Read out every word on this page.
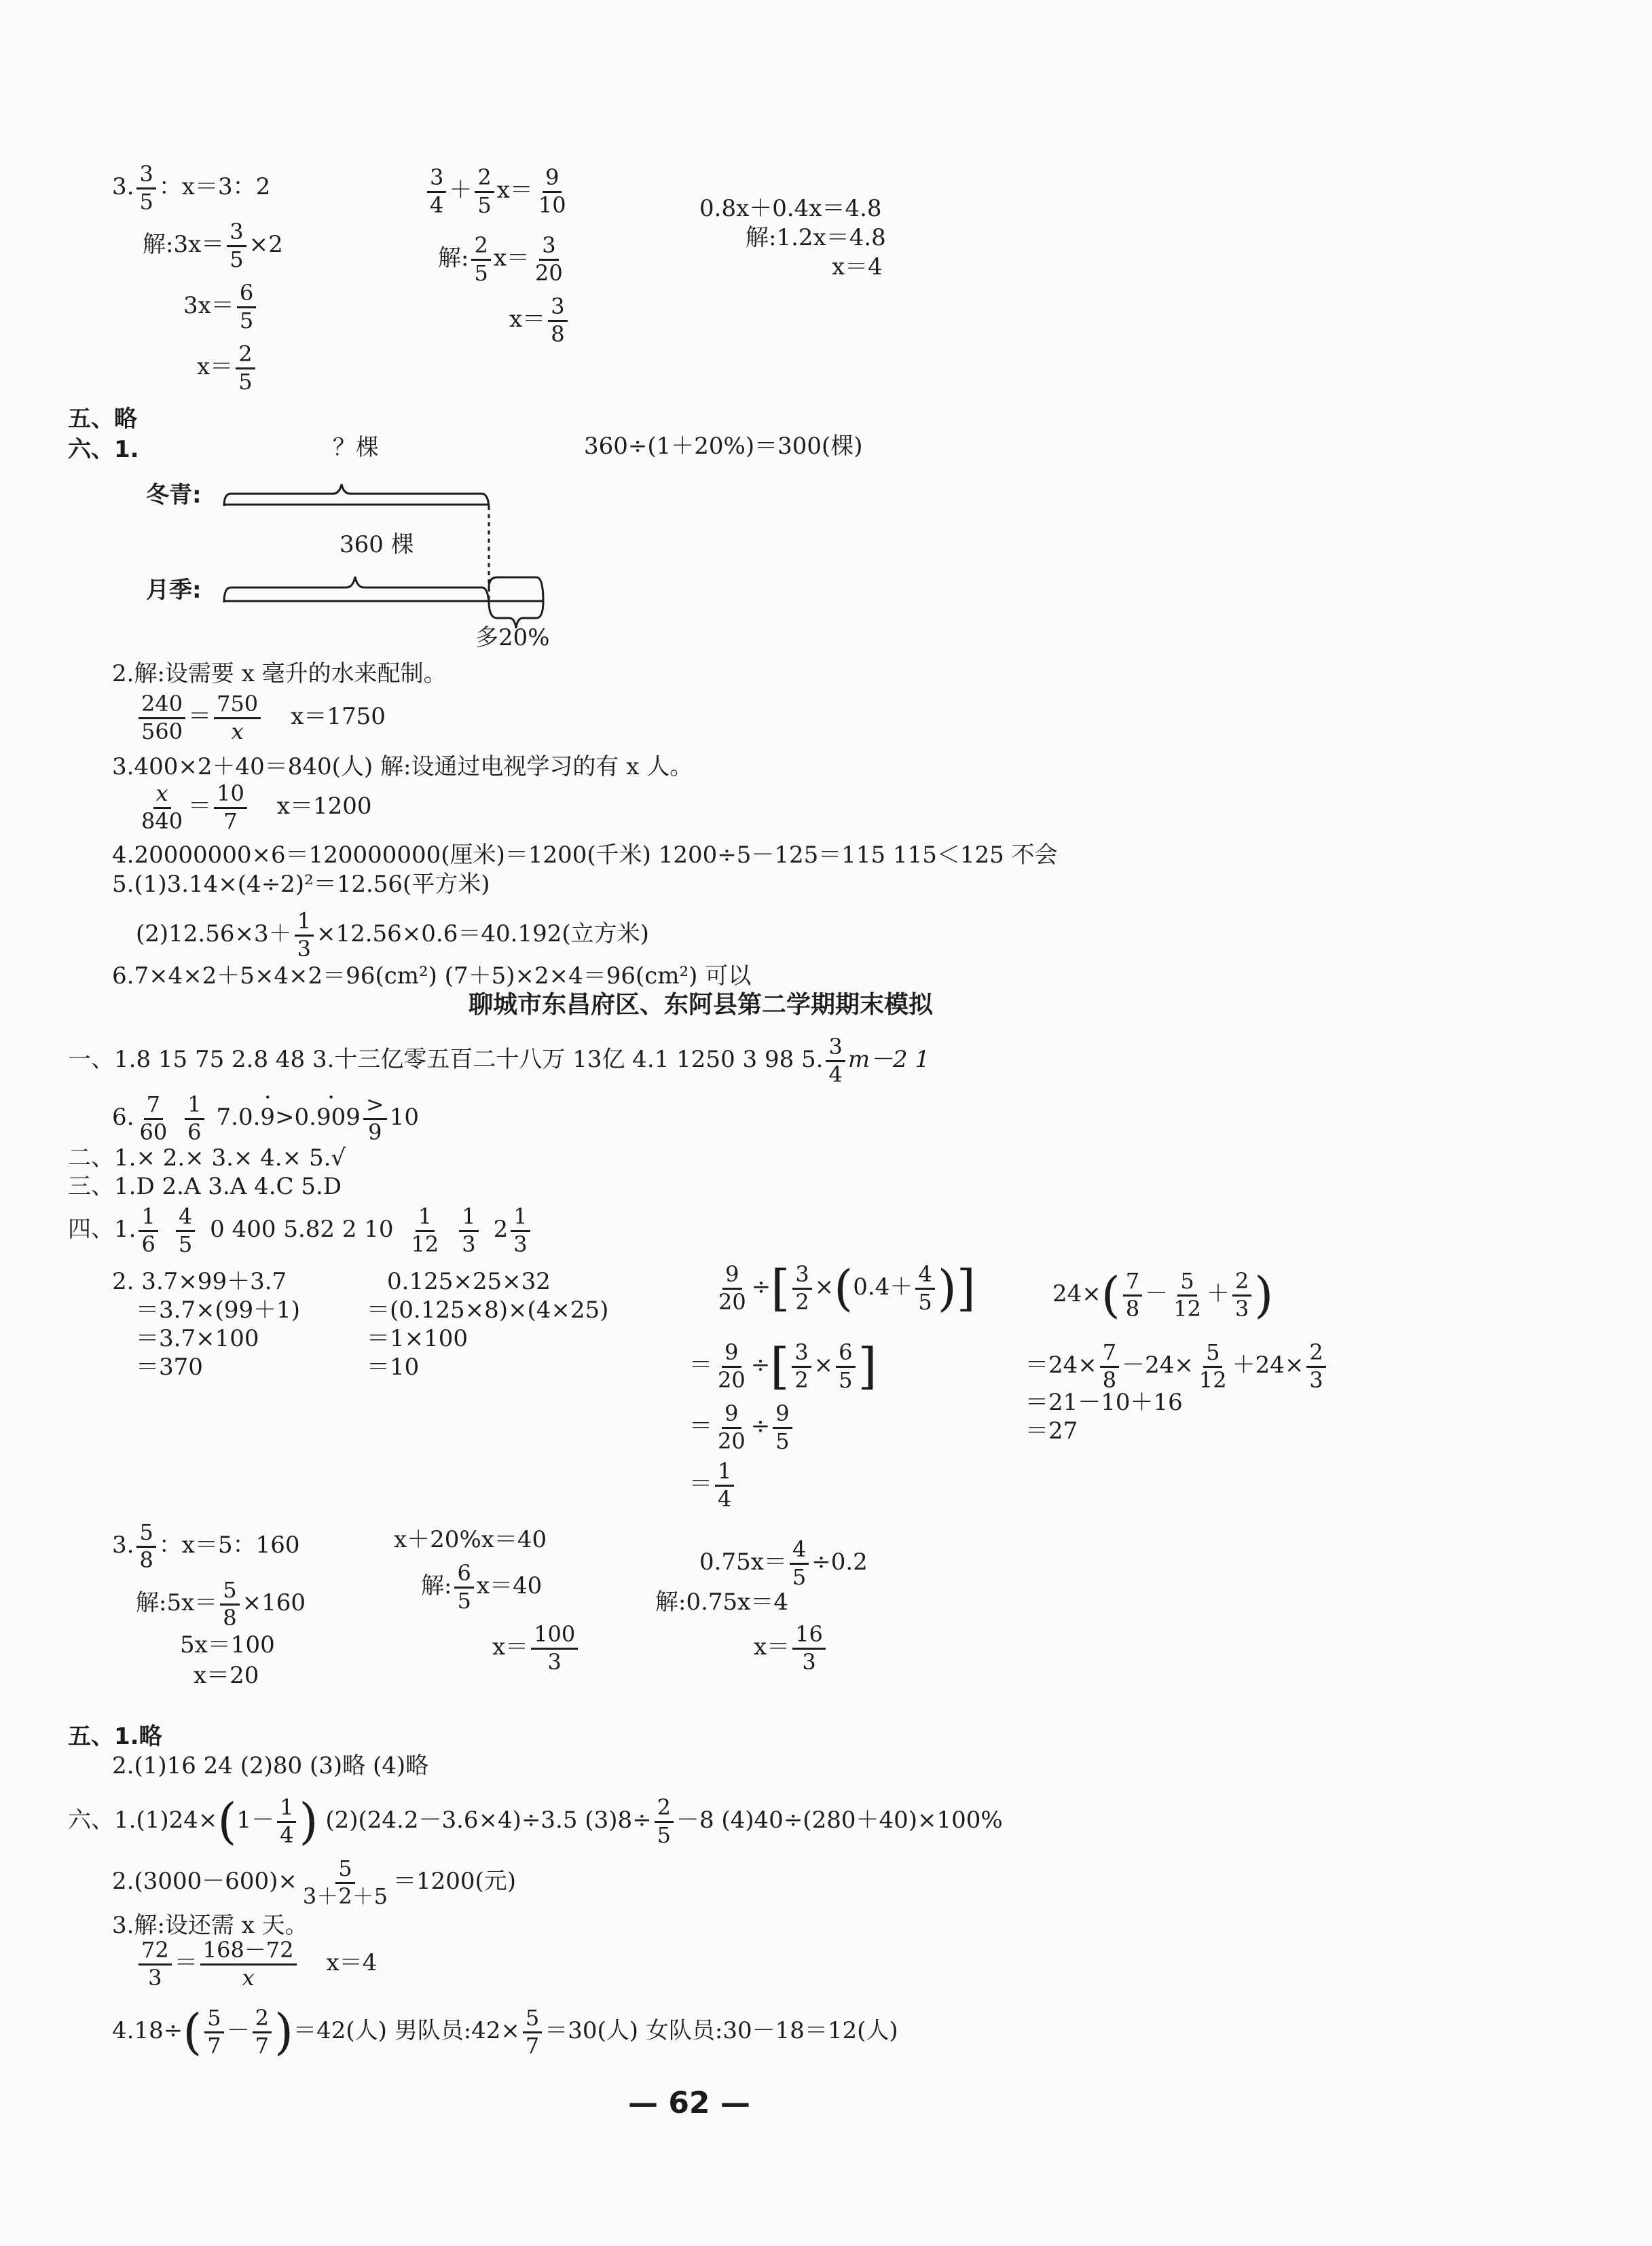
3. $\frac{3}{5}$ ：x＝3：2
解:3x＝ $\frac{3}{5} \times 2$
$3x= \frac{6}{5}$
$x= \frac{2}{5}$
$\frac{3}{4} + \frac{2}{5} x= \frac{9}{10}$
解: $\frac{2}{5} x= \frac{3}{20}$
$x= \frac{3}{8}$
0.8x＋0.4x＝4.8
解:1.2x＝4.8
x＝4
五、略
六、1.	？棵
冬青:
360 棵
月季:
多20%
360÷(1＋20%)＝300(棵)
2.解:设需要 x 毫升的水来配制。
$\frac{240}{560} = \frac{750}{x} x=1750$
3.400×2＋40＝840(人) 解:设通过电视学习的有 x 人。
$\frac{x}{840} = \frac{10}{7} x=1200$
4.20000000×6＝120000000(厘米)＝1200(千米) 1200÷5－125＝115 115＜125 不会
5.(1)3.14×(4÷2)²＝12.56(平方米)
$(2)12.56\times 3+ \frac{1}{3} \times 12.56\times 0.6=40.192$(立方米)
6.7×4×2＋5×4×2＝96(cm²) (7＋5)×2×4＝96(cm²) 可以
聊城市东昌府区、东阿县第二学期期末模拟
一、1.8 15 75 2.8 48 3.十三亿零五百二十八万 13亿 4.1 1250 3 98 5. $\frac{3}{4} m-2$ 1
6. $\frac{7}{60} \frac{1}{6} 7.0.\cdot 9>0.\cdot 909$ >
9
10
二、1.× 2.× 3.× 4.× 5.√
三、1.D 2.A 3.A 4.C 5.D
四、1. $\frac{1}{6} \frac{4}{5} 0$ 400 5.82 2 $10 \frac{1}{12} \frac{1}{3} 2 \frac{1}{3}$
2. 3.7×99＋3.7
＝3.7×(99＋1)
＝3.7×100
＝370
0.125×25×32
＝(0.125×8)×(4×25)
＝1×100
＝10
$\frac{9}{20}$ ÷[ $\frac{3}{2} \times(0.4+ \frac{4}{5}$ )]
＝ $\frac{9}{20}$ ÷[ $\frac{3}{2} \times \frac{6}{5}$ ]
＝ $\frac{9}{20} \div \frac{9}{5}$
＝ $\frac{1}{4}$
$24\times( \frac{7}{8} - \frac{5}{12} + \frac{2}{3}$ )
$=24\times \frac{7}{8} -24\times \frac{5}{12} +24\times \frac{2}{3}$
＝21－10＋16
＝27
3. $\frac{5}{8}$ ：x＝5：160
解:5x＝ $\frac{5}{8} \times 160$
5x＝100
x＝20
x＋20%x＝40
解: $\frac{6}{5} x=40$
$x= \frac{100}{3}$
$0.75x= \frac{4}{5} \div 0.2$
解:0.75x＝4
$x= \frac{16}{3}$
五、1.略
2.(1)16 24 (2)80 (3)略 (4)略
六、$1.(1)24\times(1- \frac{1}{4}$ ) (2)(24.2－3.6×4)÷3.5 $(3)8\div \frac{2}{5} -8$ (4)40÷(280＋40)×100%
$2.(3000-600)\times \frac{5}{3+2+5} =1200$(元)
3.解:设还需 x 天。
$\frac{72}{3} = \frac{168-72}{x} x=4$
$4.18\div( \frac{5}{7} - \frac{2}{7} )=42$(人) 男队员:42× $\frac{5}{7} =30$(人) 女队员:30－18＝12(人)
— 62 —
